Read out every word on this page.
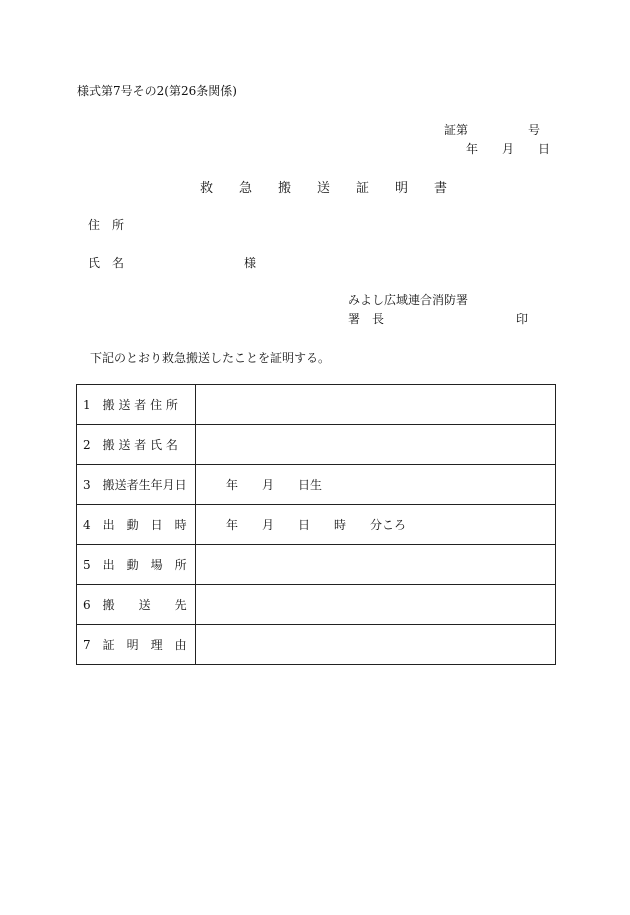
様式第7号その2(第26条関係)
証第　　　　　号
年　　月　　日
救　　急　　搬　　送　　証　　明　　書
住　所
氏　名　　　　　　　　　　様
みよし広域連合消防署
署　長　　　　　　　　　　　印
下記のとおり救急搬送したことを証明する。
1　搬 送 者 住 所	
2　搬 送 者 氏 名	
3　搬送者生年月日	年　　月　　日生
4　出　動　日　時	年　　月　　日　　時　　分ころ
5　出　動　場　所	
6　搬　　送　　先	
7　証　明　理　由	
